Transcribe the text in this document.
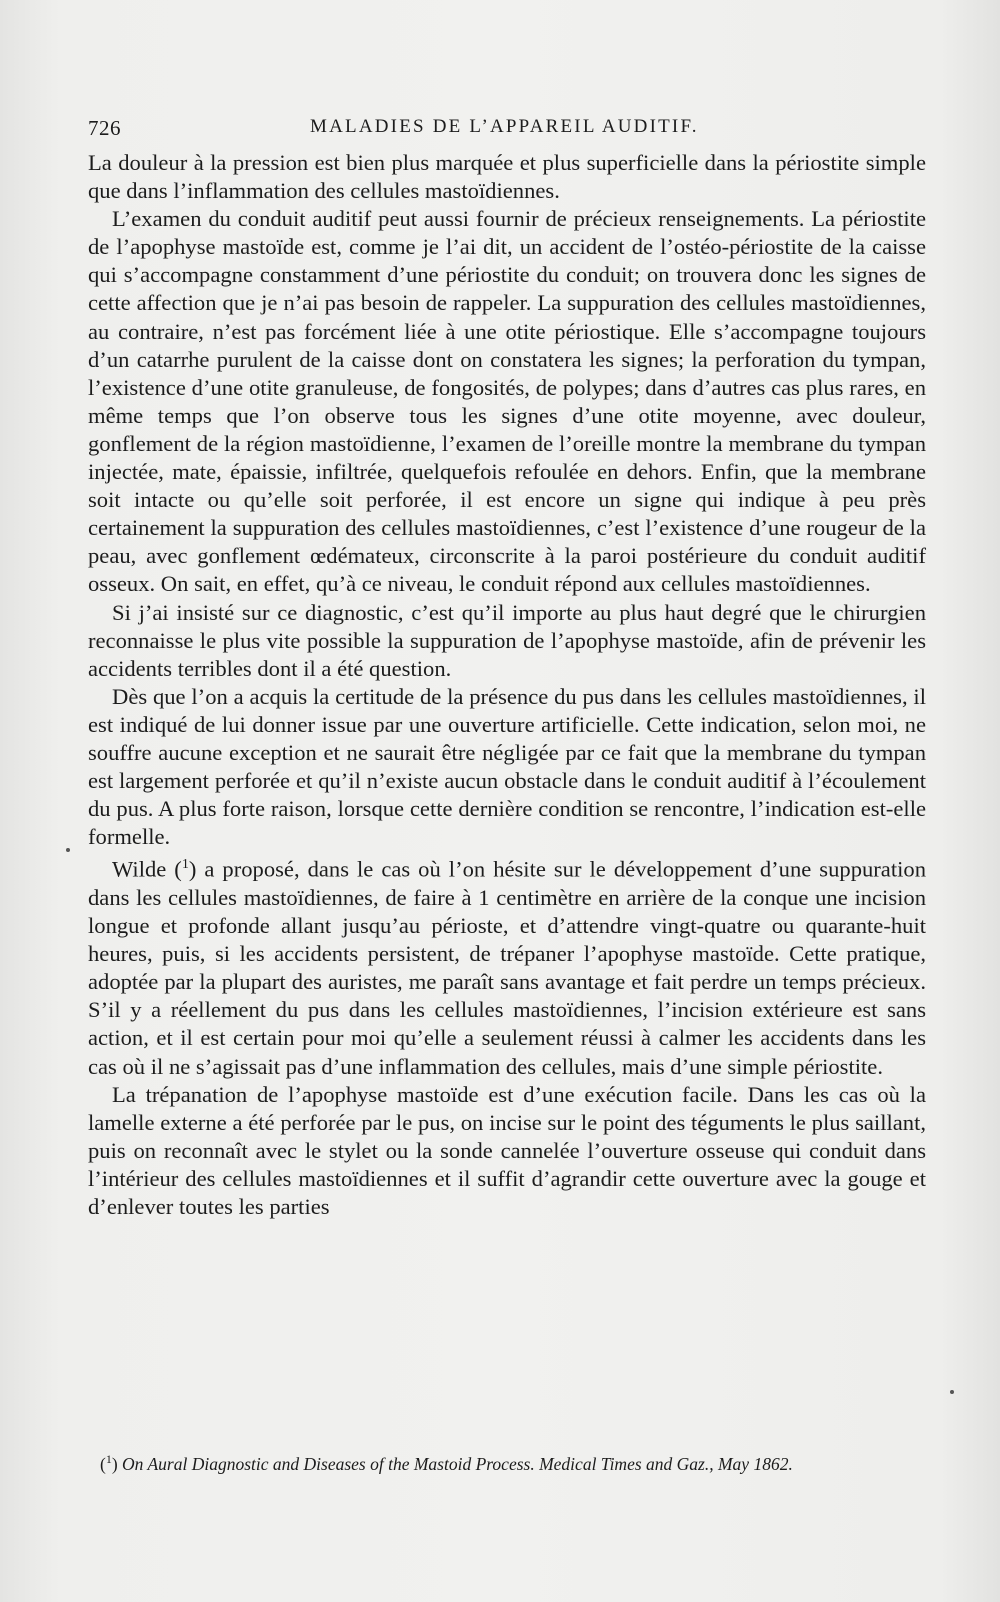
726	MALADIES DE L’APPAREIL AUDITIF.

La douleur à la pression est bien plus marquée et plus superficielle dans la périostite simple que dans l’inflammation des cellules mastoïdiennes.

L’examen du conduit auditif peut aussi fournir de précieux renseignements. La périostite de l’apophyse mastoïde est, comme je l’ai dit, un accident de l’ostéo-périostite de la caisse qui s’accompagne constamment d’une périostite du conduit; on trouvera donc les signes de cette affection que je n’ai pas besoin de rappeler. La suppuration des cellules mastoïdiennes, au contraire, n’est pas forcément liée à une otite périostique. Elle s’accompagne toujours d’un catarrhe purulent de la caisse dont on constatera les signes; la perforation du tympan, l’existence d’une otite granuleuse, de fongosités, de polypes; dans d’autres cas plus rares, en même temps que l’on observe tous les signes d’une otite moyenne, avec douleur, gonflement de la région mastoïdienne, l’examen de l’oreille montre la membrane du tympan injectée, mate, épaissie, infiltrée, quelquefois refoulée en dehors. Enfin, que la membrane soit intacte ou qu’elle soit perforée, il est encore un signe qui indique à peu près certainement la suppuration des cellules mastoïdiennes, c’est l’existence d’une rougeur de la peau, avec gonflement œdémateux, circonscrite à la paroi postérieure du conduit auditif osseux. On sait, en effet, qu’à ce niveau, le conduit répond aux cellules mastoïdiennes.

Si j’ai insisté sur ce diagnostic, c’est qu’il importe au plus haut degré que le chirurgien reconnaisse le plus vite possible la suppuration de l’apophyse mastoïde, afin de prévenir les accidents terribles dont il a été question.

Dès que l’on a acquis la certitude de la présence du pus dans les cellules mastoïdiennes, il est indiqué de lui donner issue par une ouverture artificielle. Cette indication, selon moi, ne souffre aucune exception et ne saurait être négligée par ce fait que la membrane du tympan est largement perforée et qu’il n’existe aucun obstacle dans le conduit auditif à l’écoulement du pus. A plus forte raison, lorsque cette dernière condition se rencontre, l’indication est-elle formelle.

Wilde ($^1$) a proposé, dans le cas où l’on hésite sur le développement d’une suppuration dans les cellules mastoïdiennes, de faire à 1 centimètre en arrière de la conque une incision longue et profonde allant jusqu’au périoste, et d’attendre vingt-quatre ou quarante-huit heures, puis, si les accidents persistent, de trépaner l’apophyse mastoïde. Cette pratique, adoptée par la plupart des auristes, me paraît sans avantage et fait perdre un temps précieux. S’il y a réellement du pus dans les cellules mastoïdiennes, l’incision extérieure est sans action, et il est certain pour moi qu’elle a seulement réussi à calmer les accidents dans les cas où il ne s’agissait pas d’une inflammation des cellules, mais d’une simple périostite.

La trépanation de l’apophyse mastoïde est d’une exécution facile. Dans les cas où la lamelle externe a été perforée par le pus, on incise sur le point des téguments le plus saillant, puis on reconnaît avec le stylet ou la sonde cannelée l’ouverture osseuse qui conduit dans l’intérieur des cellules mastoïdiennes et il suffit d’agrandir cette ouverture avec la gouge et d’enlever toutes les parties

($^1$) On Aural Diagnostic and Diseases of the Mastoid Process. Medical Times and Gaz., May 1862.
